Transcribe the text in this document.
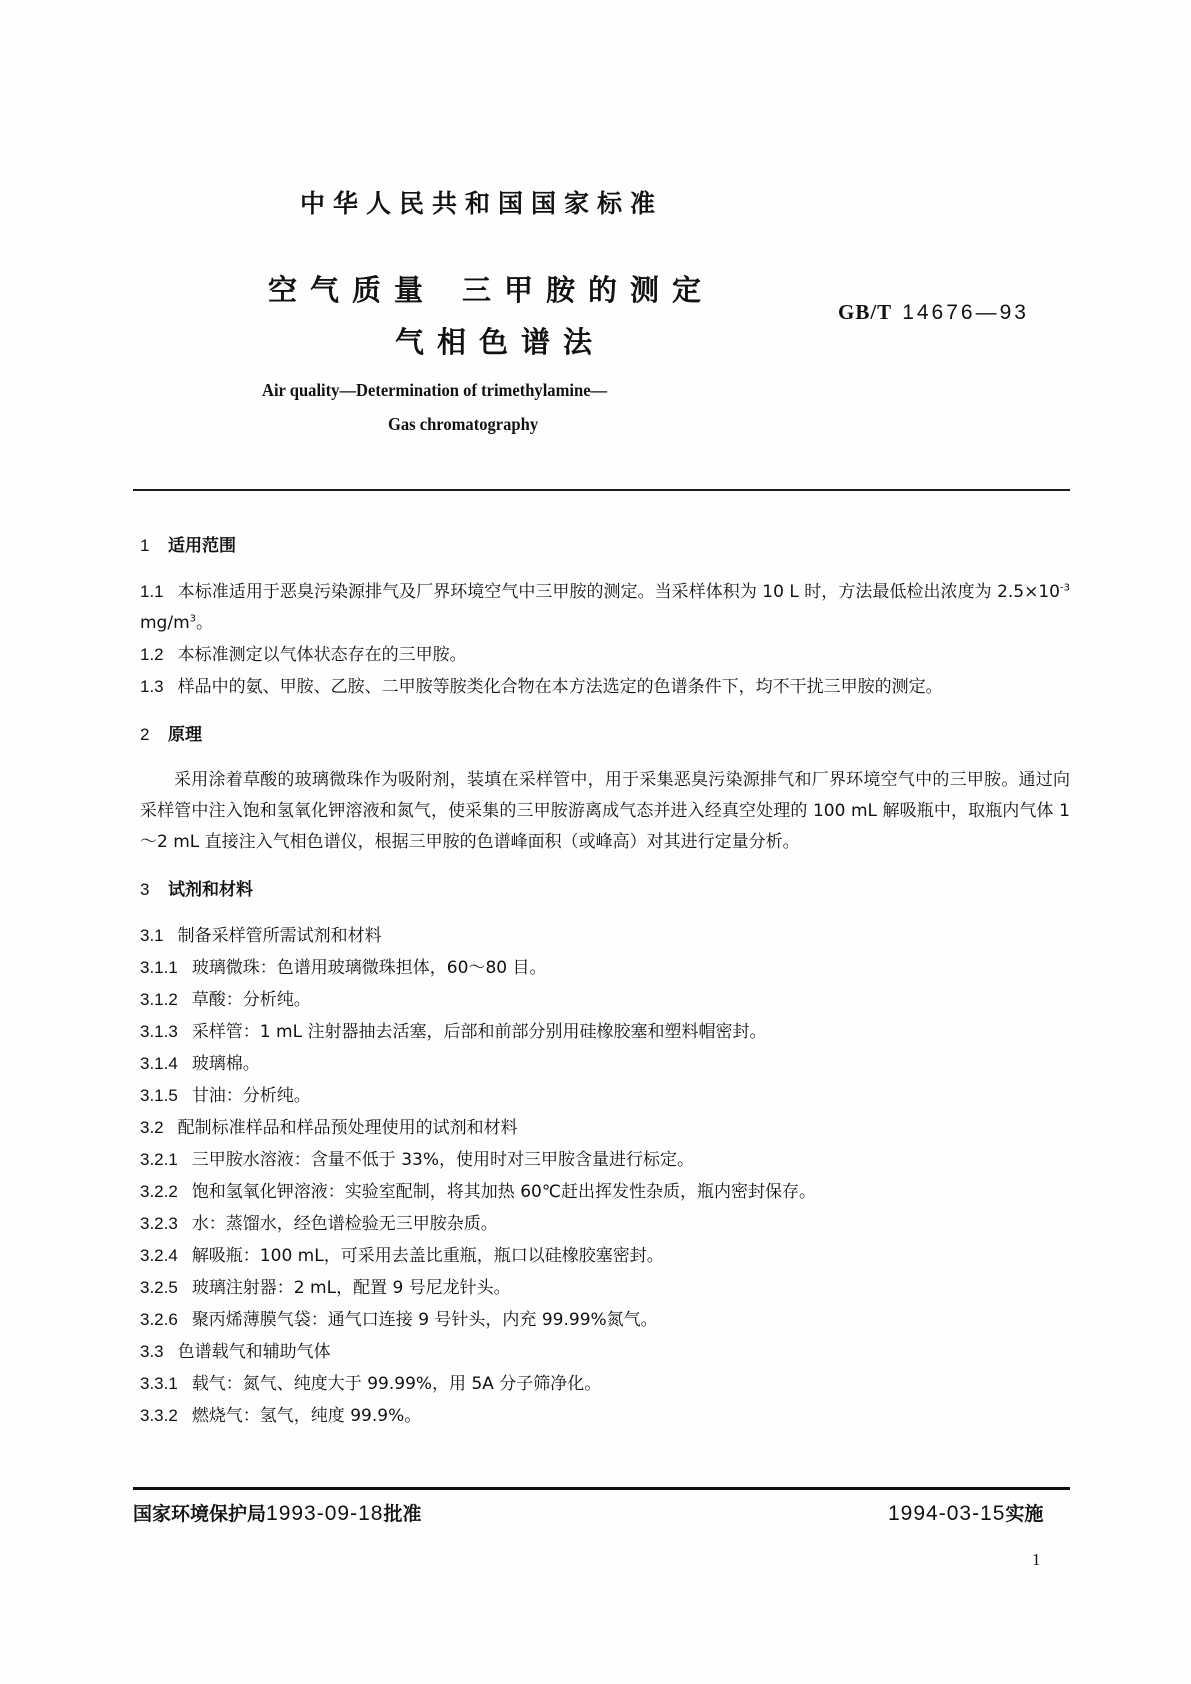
中华人民共和国国家标准
空气质量 三甲胺的测定
气相色谱法
GB/T 14676—93
Air quality—Determination of trimethylamine—
Gas chromatography

1 适用范围

1.1 本标准适用于恶臭污染源排气及厂界环境空气中三甲胺的测定。当采样体积为 10 L 时，方法最低检出浓度为 $2.5\times 10^{-3}$ $mg/m^3$。

1.2 本标准测定以气体状态存在的三甲胺。

1.3 样品中的氨、甲胺、乙胺、二甲胺等胺类化合物在本方法选定的色谱条件下，均不干扰三甲胺的测定。

2 原理

采用涂着草酸的玻璃微珠作为吸附剂，装填在采样管中，用于采集恶臭污染源排气和厂界环境空气中的三甲胺。通过向采样管中注入饱和氢氧化钾溶液和氮气，使采集的三甲胺游离成气态并进入经真空处理的 100 mL 解吸瓶中，取瓶内气体 1～2 mL 直接注入气相色谱仪，根据三甲胺的色谱峰面积（或峰高）对其进行定量分析。

3 试剂和材料

3.1 制备采样管所需试剂和材料

3.1.1 玻璃微珠：色谱用玻璃微珠担体，60～80 目。

3.1.2 草酸：分析纯。

3.1.3 采样管：1 mL 注射器抽去活塞，后部和前部分别用硅橡胶塞和塑料帽密封。

3.1.4 玻璃棉。

3.1.5 甘油：分析纯。

3.2 配制标准样品和样品预处理使用的试剂和材料

3.2.1 三甲胺水溶液：含量不低于 33%，使用时对三甲胺含量进行标定。

3.2.2 饱和氢氧化钾溶液：实验室配制，将其加热 60℃赶出挥发性杂质，瓶内密封保存。

3.2.3 水：蒸馏水，经色谱检验无三甲胺杂质。

3.2.4 解吸瓶：100 mL，可采用去盖比重瓶，瓶口以硅橡胶塞密封。

3.2.5 玻璃注射器：2 mL，配置 9 号尼龙针头。

3.2.6 聚丙烯薄膜气袋：通气口连接 9 号针头，内充 99.99%氮气。

3.3 色谱载气和辅助气体

3.3.1 载气：氮气、纯度大于 99.99%，用 5A 分子筛净化。

3.3.2 燃烧气：氢气，纯度 99.9%。

国家环境保护局1993-09-18批准	1994-03-15实施
1
